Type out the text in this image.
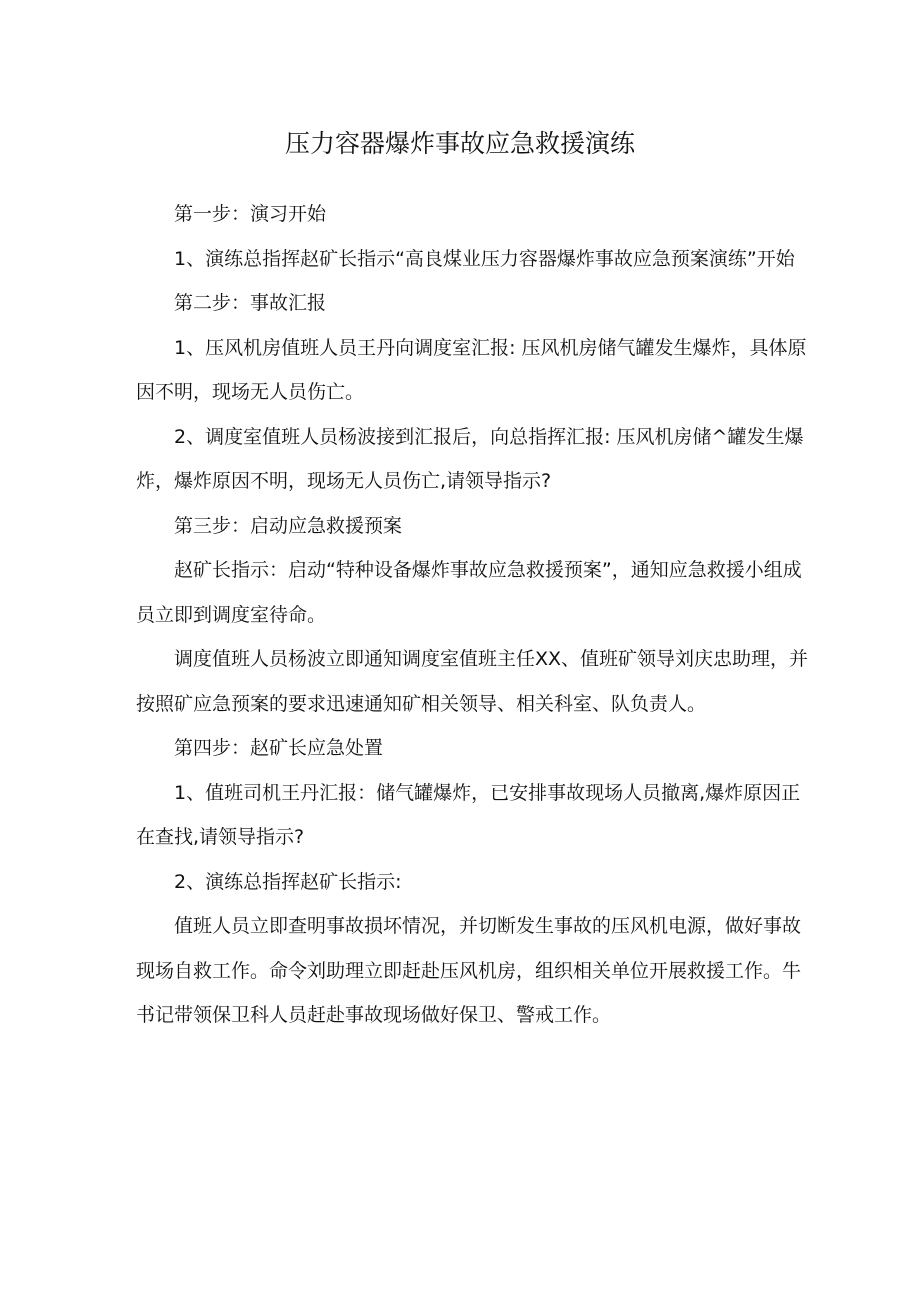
压力容器爆炸事故应急救援演练

第一步：演习开始

1、演练总指挥赵矿长指示“高良煤业压力容器爆炸事故应急预案演练”开始

第二步：事故汇报

1、压风机房值班人员王丹向调度室汇报: 压风机房储气罐发生爆炸，具体原因不明，现场无人员伤亡。

2、调度室值班人员杨波接到汇报后，向总指挥汇报: 压风机房储^罐发生爆炸，爆炸原因不明，现场无人员伤亡,请领导指示?

第三步：启动应急救援预案

赵矿长指示：启动“特种设备爆炸事故应急救援预案”，通知应急救援小组成员立即到调度室待命。

调度值班人员杨波立即通知调度室值班主任XX、值班矿领导刘庆忠助理，并按照矿应急预案的要求迅速通知矿相关领导、相关科室、队负责人。

第四步：赵矿长应急处置

1、值班司机王丹汇报：储气罐爆炸，已安排事故现场人员撤离,爆炸原因正在查找,请领导指示?

2、演练总指挥赵矿长指示:

值班人员立即查明事故损坏情况，并切断发生事故的压风机电源，做好事故现场自救工作。命令刘助理立即赶赴压风机房，组织相关单位开展救援工作。牛书记带领保卫科人员赶赴事故现场做好保卫、警戒工作。
